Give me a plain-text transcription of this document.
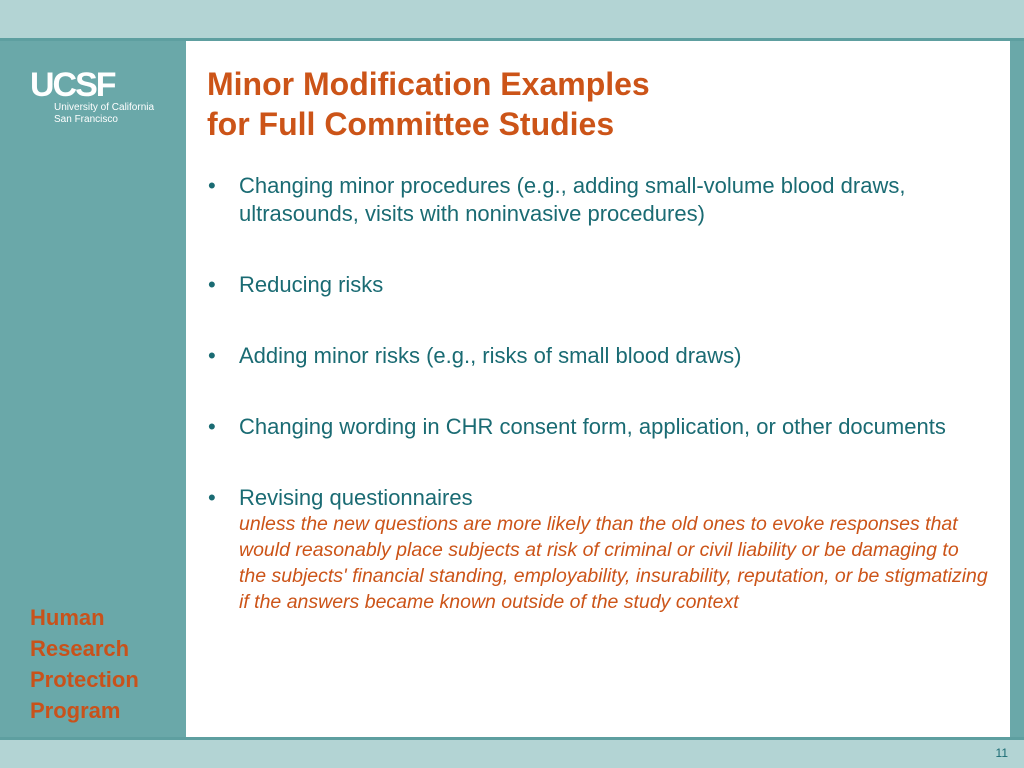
UCSF
University of California
San Francisco
Human
Research
Protection
Program
Minor Modification Examples
for Full Committee Studies
• Changing minor procedures (e.g., adding small-volume blood draws, ultrasounds, visits with noninvasive procedures)
• Reducing risks
• Adding minor risks (e.g., risks of small blood draws)
• Changing wording in CHR consent form, application, or other documents
• Revising questionnaires
unless the new questions are more likely than the old ones to evoke responses that would reasonably place subjects at risk of criminal or civil liability or be damaging to the subjects' financial standing, employability, insurability, reputation, or be stigmatizing if the answers became known outside of the study context
11
